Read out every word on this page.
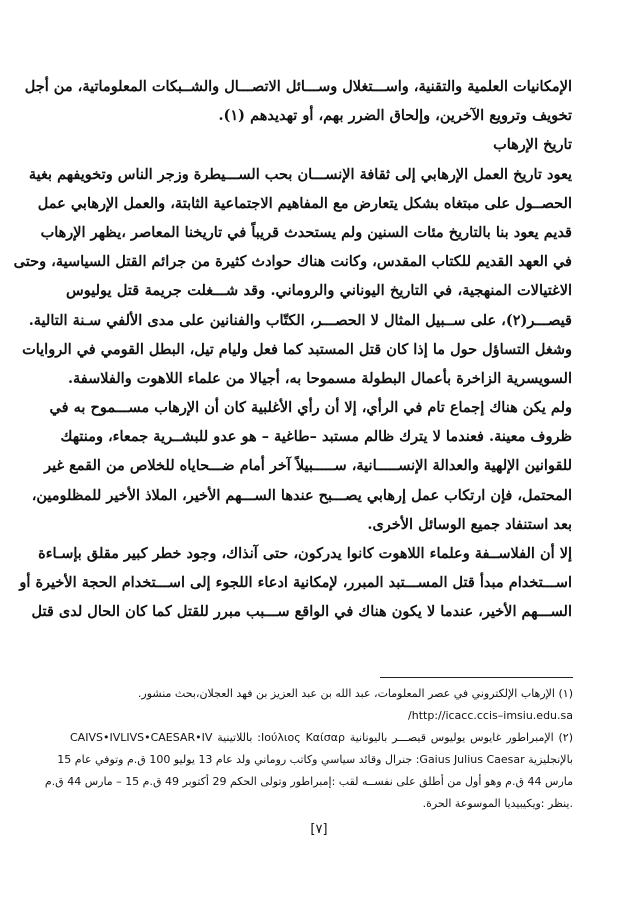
الإمكانيات العلمية والتقنية، واســـتغلال وســـائل الاتصـــال والشــبكات المعلوماتية، من أجل
تخويف وترويع الآخرين، وإلحاق الضرر بهم، أو تهديدهم (١).
تاريخ الإرهاب
يعود تاريخ العمل الإرهابي إلى ثقافة الإنســـان بحب الســـيطرة وزجر الناس وتخويفهم بغية
الحصــول على مبتغاه بشكل يتعارض مع المفاهيم الاجتماعية الثابتة، والعمل الإرهابي عمل
قديم يعود بنا بالتاريخ مئات السنين ولم يستحدث قريباً في تاريخنا المعاصر ،يظهر الإرهاب
في العهد القديم للكتاب المقدس، وكانت هناك حوادث كثيرة من جرائم القتل السياسية، وحتى
الاغتيالات المنهجية، في التاريخ اليوناني والروماني. وقد شـــغلت جريمة قتل يوليوس
قيصـــر(٢)، على ســبيل المثال لا الحصـــر، الكتّاب والفنانين على مدى الألفي سـنة التالية.
وشغل التساؤل حول ما إذا كان قتل المستبد كما فعل وليام تيل، البطل القومي في الروايات
السويسرية الزاخرة بأعمال البطولة مسموحا به، أجيالا من علماء اللاهوت والفلاسفة.
ولم يكن هناك إجماع تام في الرأي، إلا أن رأي الأغلبية كان أن الإرهاب مســـموح به في
ظروف معينة. فعندما لا يترك ظالم مستبد –طاغية – هو عدو للبشــرية جمعاء، ومنتهك
للقوانين الإلهية والعدالة الإنســـــانية، ســـــبيلاً آخر أمام ضـــحاياه للخلاص من القمع غير
المحتمل، فإن ارتكاب عمل إرهابي يصـــبح عندها الســـهم الأخير، الملاذ الأخير للمظلومين،
بعد استنفاد جميع الوسائل الأخرى.
إلا أن الفلاســفة وعلماء اللاهوت كانوا يدركون، حتى آنذاك، وجود خطر كبير مقلق بإسـاءة
اســـتخدام مبدأ قتل المســـتبد المبرر، لإمكانية ادعاء اللجوء إلى اســـتخدام الحجة الأخيرة أو
الســـهم الأخير، عندما لا يكون هناك في الواقع ســـبب مبرر للقتل كما كان الحال لدى قتل
(١) الإرهاب الإلكتروني في عصر المعلومات، عبد الله بن عبد العزيز بن فهد العجلان،بحث منشور.
/http://icacc.ccis–imsiu.edu.sa
(٢) الإمبراطور غايوس يوليوس قيصـــر باليونانية Ιούλιος Καίσαρ: باللاتينية CAIVS•IVLIVS•CAESAR•IV
بالإنجليزية Gaius Julius Caesar: جنرال وقائد سياسي وكاتب روماني ولد عام 13 يوليو 100 ق.م وتوفي عام 15
مارس 44 ق.م وهو أول من أطلق على نفســه لقب :إمبراطور وتولى الحكم 29 أكتوبر 49 ق.م 15 – مارس 44 ق.م
.ينظر :ويكيبيديا الموسوعة الحرة.
[٧]
